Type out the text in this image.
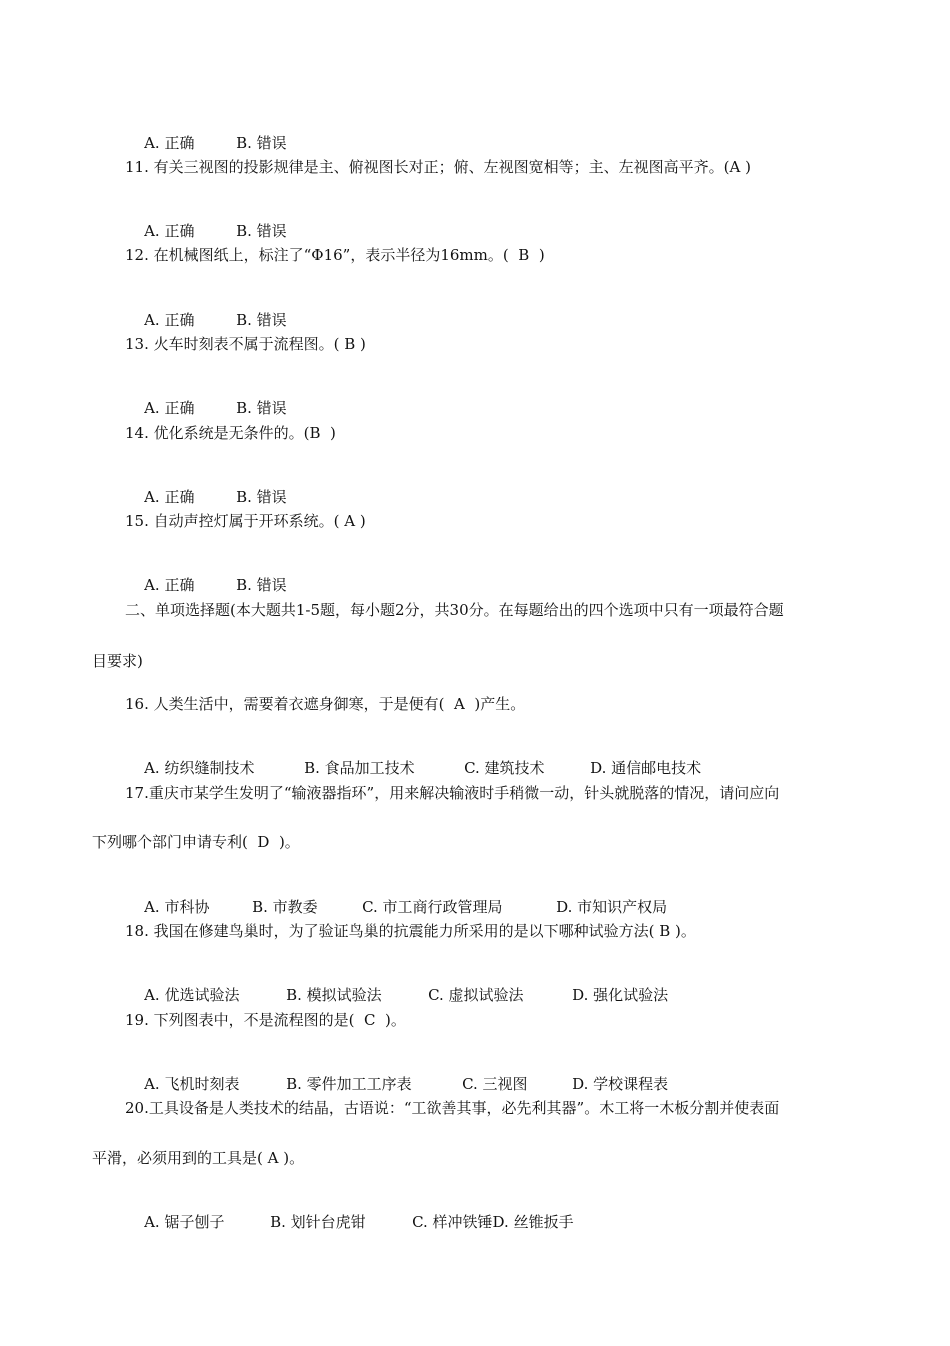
A. 正确	B. 错误

11. 有关三视图的投影规律是主、俯视图长对正；俯、左视图宽相等；主、左视图高平齐。(A )

A. 正确	B. 错误

12. 在机械图纸上，标注了“Φ16”，表示半径为16mm。(  B  )

A. 正确	B. 错误

13. 火车时刻表不属于流程图。( B )

A. 正确	B. 错误

14. 优化系统是无条件的。(B  )

A. 正确	B. 错误

15. 自动声控灯属于开环系统。( A )

A. 正确	B. 错误

二、单项选择题(本大题共1-5题，每小题2分，共30分。在每题给出的四个选项中只有一项最符合题
目要求)
16. 人类生活中，需要着衣遮身御寒，于是便有(  A  )产生。

A. 纺织缝制技术	B. 食品加工技术	C. 建筑技术	D. 通信邮电技术

17.重庆市某学生发明了“输液器指环”，用来解决输液时手稍微一动，针头就脱落的情况，请问应向
下列哪个部门申请专利(  D  )。

A. 市科协	B. 市教委	C. 市工商行政管理局	D. 市知识产权局

18. 我国在修建鸟巢时，为了验证鸟巢的抗震能力所采用的是以下哪种试验方法( B )。

A. 优选试验法	B. 模拟试验法	C. 虚拟试验法	D. 强化试验法

19. 下列图表中，不是流程图的是(  C  )。

A. 飞机时刻表	B. 零件加工工序表	C. 三视图	D. 学校课程表

20.工具设备是人类技术的结晶，古语说：“工欲善其事，必先利其器”。木工将一木板分割并使表面
平滑，必须用到的工具是( A )。

A. 锯子刨子	B. 划针台虎钳	C. 样冲铁锤D. 丝锥扳手
